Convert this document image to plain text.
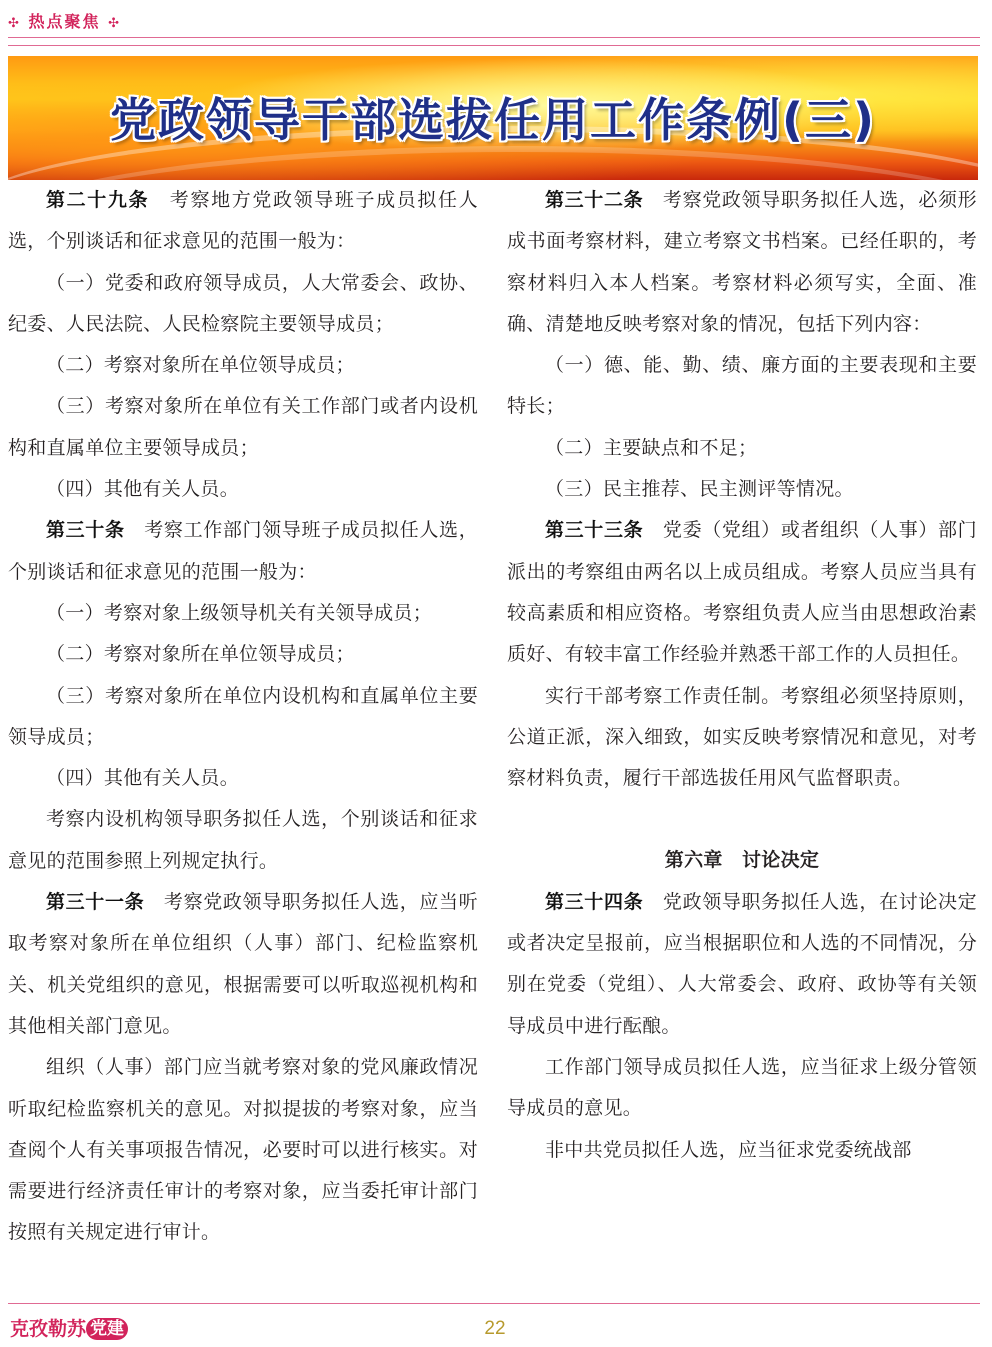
✣ 热点聚焦 ✣
党政领导干部选拔任用工作条例(三)

第二十九条　考察地方党政领导班子成员拟任人选，个别谈话和征求意见的范围一般为：

（一）党委和政府领导成员，人大常委会、政协、纪委、人民法院、人民检察院主要领导成员；

（二）考察对象所在单位领导成员；

（三）考察对象所在单位有关工作部门或者内设机构和直属单位主要领导成员；

（四）其他有关人员。

第三十条　考察工作部门领导班子成员拟任人选，个别谈话和征求意见的范围一般为：

（一）考察对象上级领导机关有关领导成员；

（二）考察对象所在单位领导成员；

（三）考察对象所在单位内设机构和直属单位主要领导成员；

（四）其他有关人员。

考察内设机构领导职务拟任人选，个别谈话和征求意见的范围参照上列规定执行。

第三十一条　考察党政领导职务拟任人选，应当听取考察对象所在单位组织（人事）部门、纪检监察机关、机关党组织的意见，根据需要可以听取巡视机构和其他相关部门意见。

组织（人事）部门应当就考察对象的党风廉政情况听取纪检监察机关的意见。对拟提拔的考察对象，应当查阅个人有关事项报告情况，必要时可以进行核实。对需要进行经济责任审计的考察对象，应当委托审计部门按照有关规定进行审计。

第三十二条　考察党政领导职务拟任人选，必须形成书面考察材料，建立考察文书档案。已经任职的，考察材料归入本人档案。考察材料必须写实，全面、准确、清楚地反映考察对象的情况，包括下列内容：

（一）德、能、勤、绩、廉方面的主要表现和主要特长；

（二）主要缺点和不足；

（三）民主推荐、民主测评等情况。

第三十三条　党委（党组）或者组织（人事）部门派出的考察组由两名以上成员组成。考察人员应当具有较高素质和相应资格。考察组负责人应当由思想政治素质好、有较丰富工作经验并熟悉干部工作的人员担任。

实行干部考察工作责任制。考察组必须坚持原则，公道正派，深入细致，如实反映考察情况和意见，对考察材料负责，履行干部选拔任用风气监督职责。

第六章　讨论决定

第三十四条　党政领导职务拟任人选，在讨论决定或者决定呈报前，应当根据职位和人选的不同情况，分别在党委（党组）、人大常委会、政府、政协等有关领导成员中进行酝酿。

工作部门领导成员拟任人选，应当征求上级分管领导成员的意见。

非中共党员拟任人选，应当征求党委统战部

克孜勒苏 党建	22
